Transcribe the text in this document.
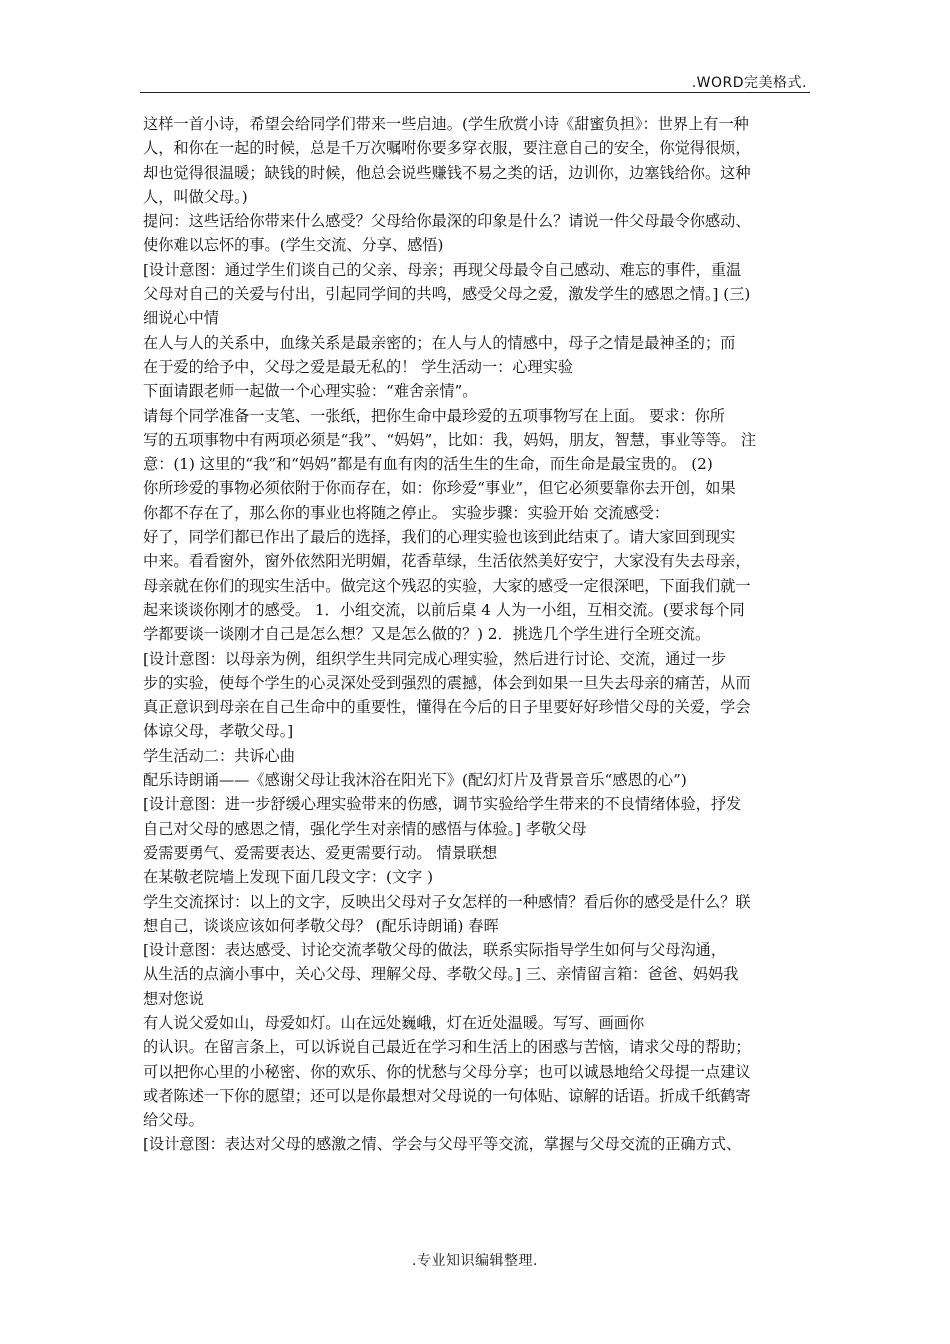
.WORD完美格式.
这样一首小诗，希望会给同学们带来一些启迪。(学生欣赏小诗《甜蜜负担》：世界上有一种
人，和你在一起的时候，总是千万次嘱咐你要多穿衣服，要注意自己的安全，你觉得很烦，
却也觉得很温暖；缺钱的时候，他总会说些赚钱不易之类的话，边训你，边塞钱给你。这种
人，叫做父母。)
提问：这些话给你带来什么感受？父母给你最深的印象是什么？请说一件父母最令你感动、
使你难以忘怀的事。(学生交流、分享、感悟)
[设计意图：通过学生们谈自己的父亲、母亲；再现父母最令自己感动、难忘的事件，重温
父母对自己的关爱与付出，引起同学间的共鸣，感受父母之爱，激发学生的感恩之情。] (三)
细说心中情
在人与人的关系中，血缘关系是最亲密的；在人与人的情感中，母子之情是最神圣的；而
在于爱的给予中，父母之爱是最无私的！ 学生活动一：心理实验
下面请跟老师一起做一个心理实验：“难舍亲情”。
请每个同学准备一支笔、一张纸，把你生命中最珍爱的五项事物写在上面。 要求：你所
写的五项事物中有两项必须是“我”、“妈妈”，比如：我，妈妈，朋友，智慧，事业等等。 注
意：(1) 这里的“我”和“妈妈”都是有血有肉的活生生的生命，而生命是最宝贵的。 (2)
你所珍爱的事物必须依附于你而存在，如：你珍爱“事业”，但它必须要靠你去开创，如果
你都不存在了，那么你的事业也将随之停止。 实验步骤：实验开始 交流感受：
好了，同学们都已作出了最后的选择，我们的心理实验也该到此结束了。请大家回到现实
中来。看看窗外，窗外依然阳光明媚，花香草绿，生活依然美好安宁，大家没有失去母亲，
母亲就在你们的现实生活中。做完这个残忍的实验，大家的感受一定很深吧，下面我们就一
起来谈谈你刚才的感受。 1．小组交流，以前后桌 4 人为一小组，互相交流。(要求每个同
学都要谈一谈刚才自己是怎么想？又是怎么做的？) 2．挑选几个学生进行全班交流。
[设计意图：以母亲为例，组织学生共同完成心理实验，然后进行讨论、交流，通过一步
步的实验，使每个学生的心灵深处受到强烈的震撼，体会到如果一旦失去母亲的痛苦，从而
真正意识到母亲在自己生命中的重要性，懂得在今后的日子里要好好珍惜父母的关爱，学会
体谅父母，孝敬父母。]
学生活动二：共诉心曲
配乐诗朗诵——《感谢父母让我沐浴在阳光下》(配幻灯片及背景音乐“感恩的心”)
[设计意图：进一步舒缓心理实验带来的伤感，调节实验给学生带来的不良情绪体验，抒发
自己对父母的感恩之情，强化学生对亲情的感悟与体验。] 孝敬父母
爱需要勇气、爱需要表达、爱更需要行动。 情景联想
在某敬老院墙上发现下面几段文字：(文字 )
学生交流探讨：以上的文字，反映出父母对子女怎样的一种感情？看后你的感受是什么？联
想自己，谈谈应该如何孝敬父母？ (配乐诗朗诵) 春晖
[设计意图：表达感受、讨论交流孝敬父母的做法，联系实际指导学生如何与父母沟通，
从生活的点滴小事中，关心父母、理解父母、孝敬父母。] 三、亲情留言箱：爸爸、妈妈我
想对您说
有人说父爱如山，母爱如灯。山在远处巍峨，灯在近处温暖。写写、画画你
的认识。在留言条上，可以诉说自己最近在学习和生活上的困惑与苦恼，请求父母的帮助；
可以把你心里的小秘密、你的欢乐、你的忧愁与父母分享；也可以诚恳地给父母提一点建议
或者陈述一下你的愿望；还可以是你最想对父母说的一句体贴、谅解的话语。折成千纸鹤寄
给父母。
[设计意图：表达对父母的感激之情、学会与父母平等交流，掌握与父母交流的正确方式、
.专业知识编辑整理.
